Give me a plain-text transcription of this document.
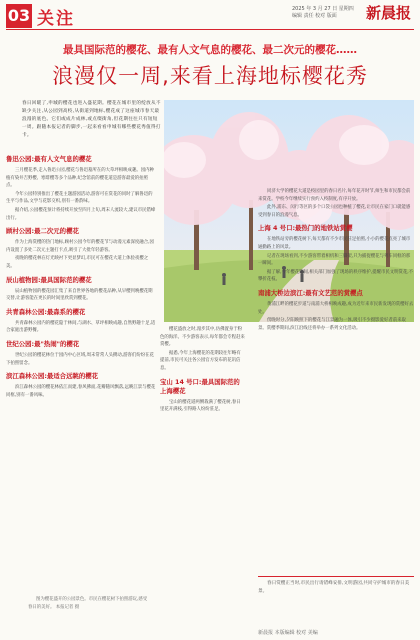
03 关注	2025 年 3 月 27 日 星期四
编辑 责任 校对 版面	新晨报
最具国际范的樱花、最有人文气息的樱花、最二次元的樱花……
浪漫仅一周,来看上海地标樱花秀
春日回暖了,申城的樱花也进入盛花期。樱花在城市里的绽放从不缺少关注,从公园到高校,从街道到地标,樱花成了这座城市春天最浪漫的底色。它们或成片成林,或点缀街角,但花期往往只有短短一周。跟随本报记者的脚步,一起来看看申城有哪些樱花秀值得打卡。
鲁迅公园:最有人文气息的樱花

三月樱花季,走入鲁迅公园,樱花与鲁迅墓所在的大草坪相映成趣。园内种植有染井吉野樱、寒绯樱等多个品种,纪念馆前的樱花道是游客最爱的拍照点。

今年公园特别推出了樱花主题游园活动,游客可在赏花的同时了解鲁迅的生平与作品,文学与花影交织,别有一番韵味。

据介绍,公园樱花预计将持续开放至四月上旬,周末人流较大,建议市民错峰出行。

顾村公园:最二次元的樱花

作为上海赏樱的热门地标,顾村公园今年的樱花节与动漫元素深度融合,园内设置了多处二次元主题打卡点,吸引了大批年轻游客。

夜晚的樱花林在灯光映衬下更显梦幻,市民可在樱花大道上体验夜樱之美。

辰山植物园:最具国际范的樱花

辰山植物园的樱花园汇集了来自世界各地的樱花品种,从早樱到晚樱花期交替,让游客能在更长的时间里欣赏到樱花。

共青森林公园:最森系的樱花

共青森林公园内的樱花隐于林间,与湖水、草坪相映成趣,自然野趣十足,适合家庭出游野餐。

世纪公园:最"热闹"的樱花

世纪公园的樱花林位于园内中心区域,周末常常人头攒动,游客们纷纷在花下拍照留念。

滨江森林公园:最适合远眺的樱花

滨江森林公园的樱花林依江而建,春风拂面,花瓣随风飘落,远眺江景与樱花同框,别有一番风味。

樱花盛放之时,漫步其中,仿佛置身于粉色的海洋。不少游客表示,每年都会专程赶来赏樱。

据悉,今年上海樱花的花期较往年略有提前,市民可关注各公园官方发布的花讯信息。

宝山 14 号口:最具国际范的上海樱花

宝山的樱花道两侧栽满了樱花树,春日里花开满枝,引得路人纷纷驻足。

同济大学的樱花大道是校园里的春日名片,每年花开时节,师生和市民都会前来赏花。学校今年继续实行预约入校制度,有序开放。

此外,浦东、闵行等区的多个口袋公园也种植了樱花,让市民在家门口就能感受到春日的浪漫气息。

上海 4 号口:最热门的地铁站赏樱

在地铁站旁的樱花树下,每天都有不少市民驻足拍照,小小的樱花点亮了城市通勤路上的风景。

记者在现场看到,不少游客带着相机和三脚架,只为捕捉樱花与列车同框的那一瞬间。

据了解,今年樱花期间,相关部门加强了现场的秩序维护,提醒市民文明赏花,不攀折花枝。

南浦大桥边滨江:最有文艺范的赏樱点

黄浦江畔的樱花步道与南浦大桥相映成趣,成为近年来市民新发现的赏樱好去处。

傍晚时分,夕阳映照下的樱花与江景融为一体,吸引不少摄影爱好者前来取景。赏樱季期间,滨江沿线还将举办一系列文化活动。

图为樱花盛开的公园景色。市民在樱花树下拍照游玩,感受春日的美好。 本报记者 摄
春日赏樱正当时,市民出行请错峰安排,文明游园,共同守护城市的春日美景。
新晨报 本版编辑 校对 美编
